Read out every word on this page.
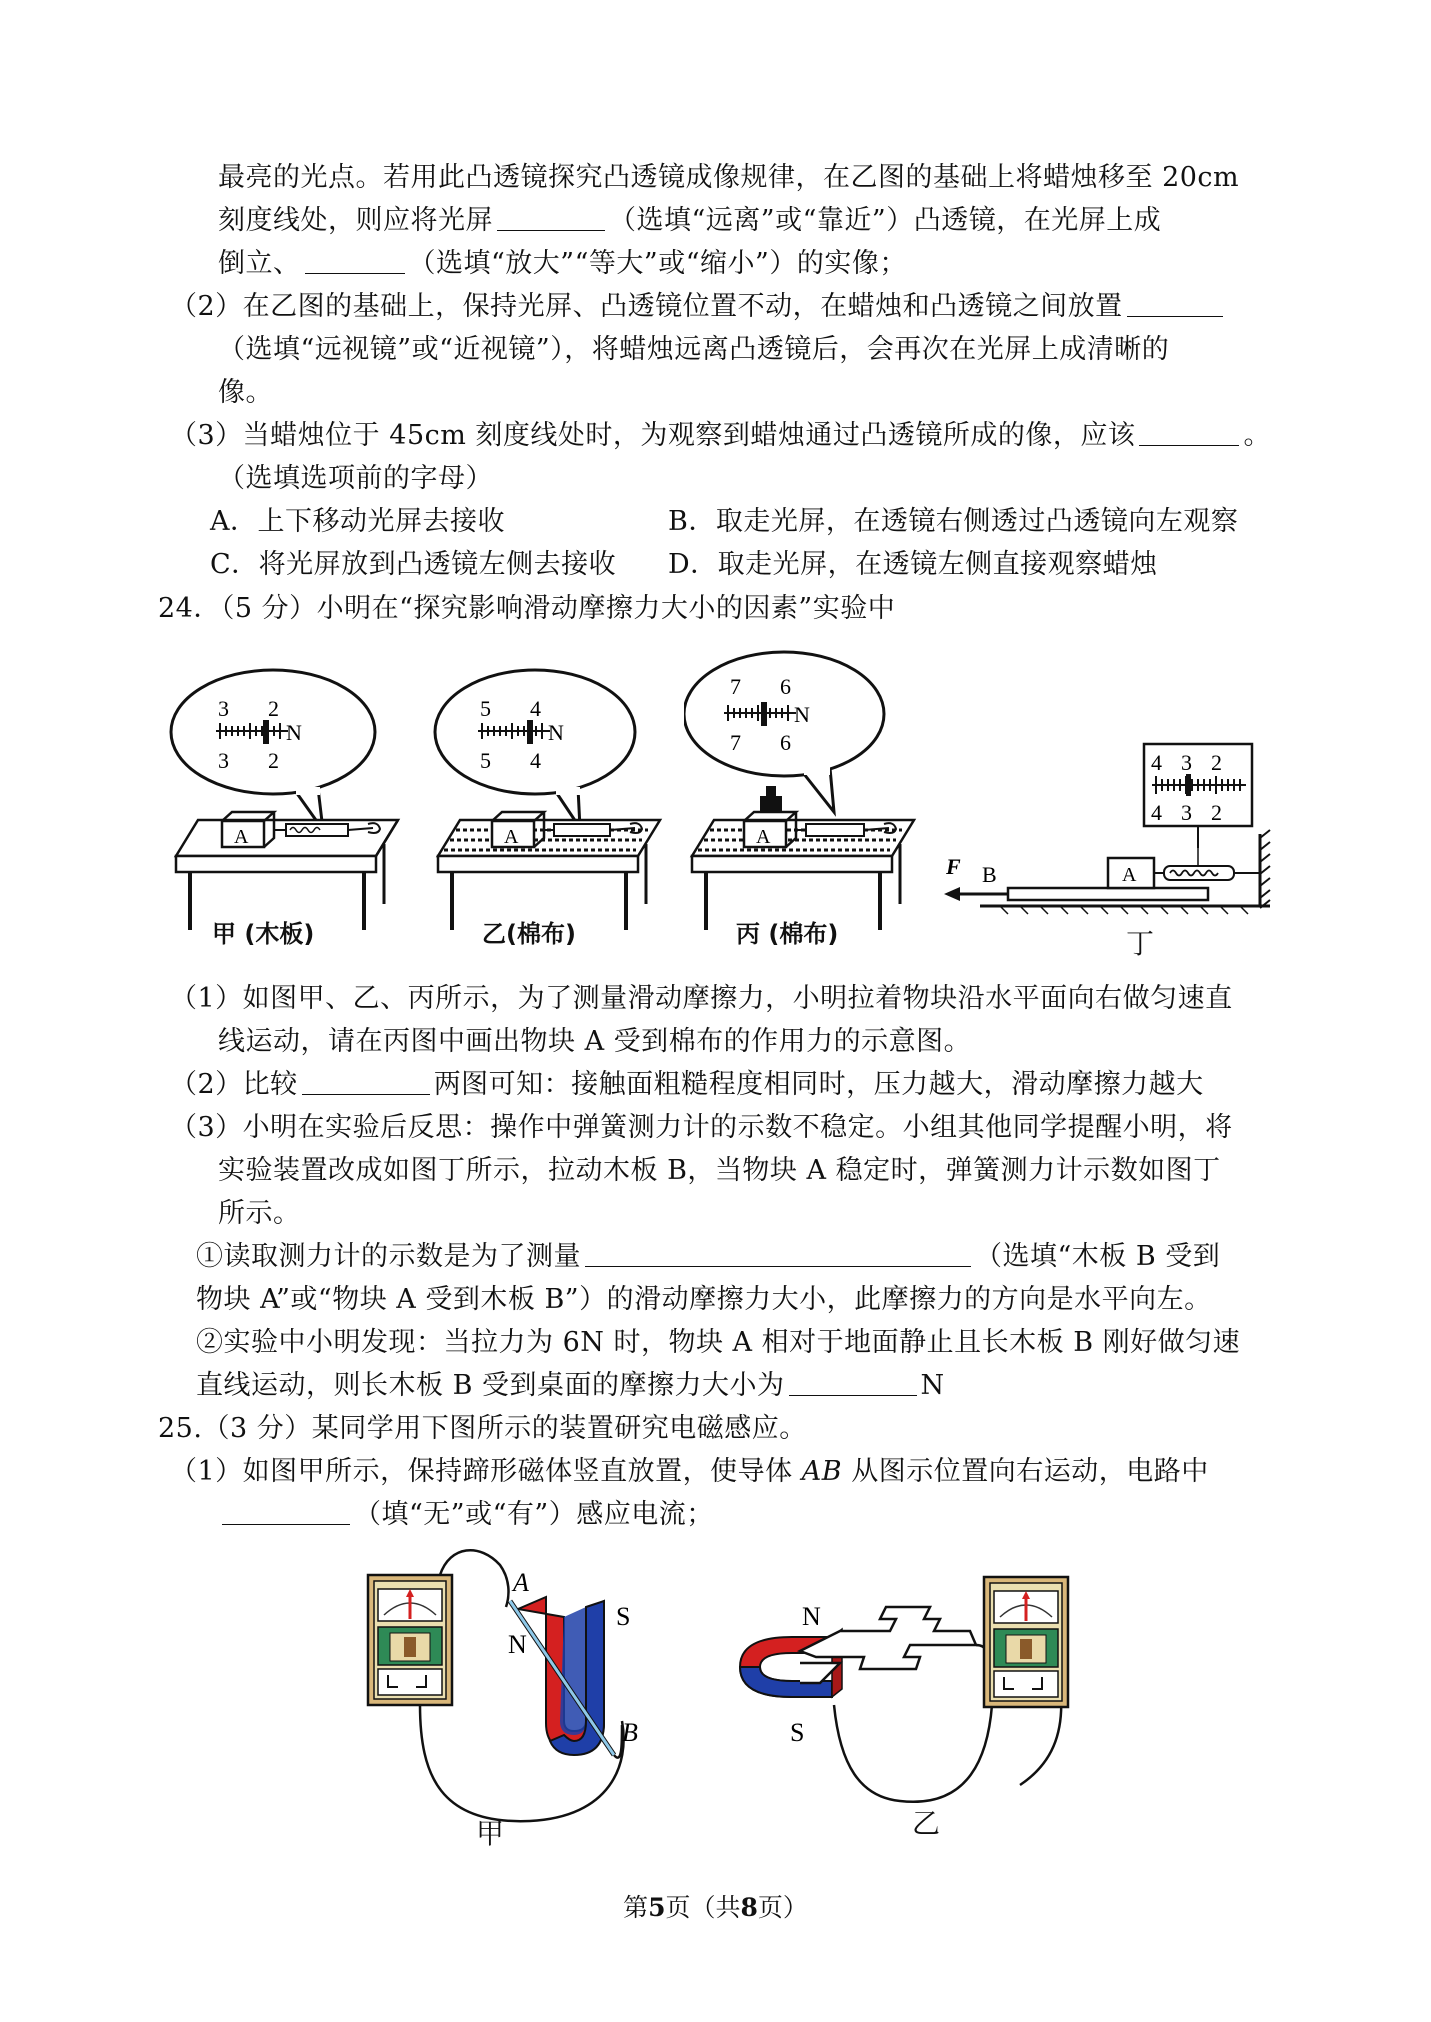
最亮的光点。若用此凸透镜探究凸透镜成像规律，在乙图的基础上将蜡烛移至 20cm
刻度线处，则应将光屏	（选填“远离”或“靠近”）凸透镜，在光屏上成
倒立、	（选填“放大”“等大”或“缩小”）的实像；
（2）在乙图的基础上，保持光屏、凸透镜位置不动，在蜡烛和凸透镜之间放置
（选填“远视镜”或“近视镜”），将蜡烛远离凸透镜后，会再次在光屏上成清晰的
像。
（3）当蜡烛位于 45cm 刻度线处时，为观察到蜡烛通过凸透镜所成的像，应该	。
（选填选项前的字母）
A．上下移动光屏去接收	B．取走光屏，在透镜右侧透过凸透镜向左观察
C．将光屏放到凸透镜左侧去接收 D．取走光屏，在透镜左侧直接观察蜡烛
24．（5 分）小明在“探究影响滑动摩擦力大小的因素”实验中
3 2
3 2
N
A
甲 (木板)
5 4
5 4
N
A
乙(棉布)
7 6
7 6
N
A
丙 (棉布)
4 3 2
4 3 2
B
F	A
丁
（1）如图甲、乙、丙所示，为了测量滑动摩擦力，小明拉着物块沿水平面向右做匀速直
线运动，请在丙图中画出物块 A 受到棉布的作用力的示意图。
（2）比较	两图可知：接触面粗糙程度相同时，压力越大，滑动摩擦力越大
（3）小明在实验后反思：操作中弹簧测力计的示数不稳定。小组其他同学提醒小明，将
实验装置改成如图丁所示，拉动木板 B，当物块 A 稳定时，弹簧测力计示数如图丁
所示。
①读取测力计的示数是为了测量	（选填“木板 B 受到
物块 A”或“物块 A 受到木板 B”）的滑动摩擦力大小，此摩擦力的方向是水平向左。
②实验中小明发现：当拉力为 6N 时，物块 A 相对于地面静止且长木板 B 刚好做匀速
直线运动，则长木板 B 受到桌面的摩擦力大小为	N
25.（3 分）某同学用下图所示的装置研究电磁感应。
（1）如图甲所示，保持蹄形磁体竖直放置，使导体 AB 从图示位置向右运动，电路中
（填“无”或“有”）感应电流；
A
N
S
B
甲
N
S
乙
第5页（共8页）
